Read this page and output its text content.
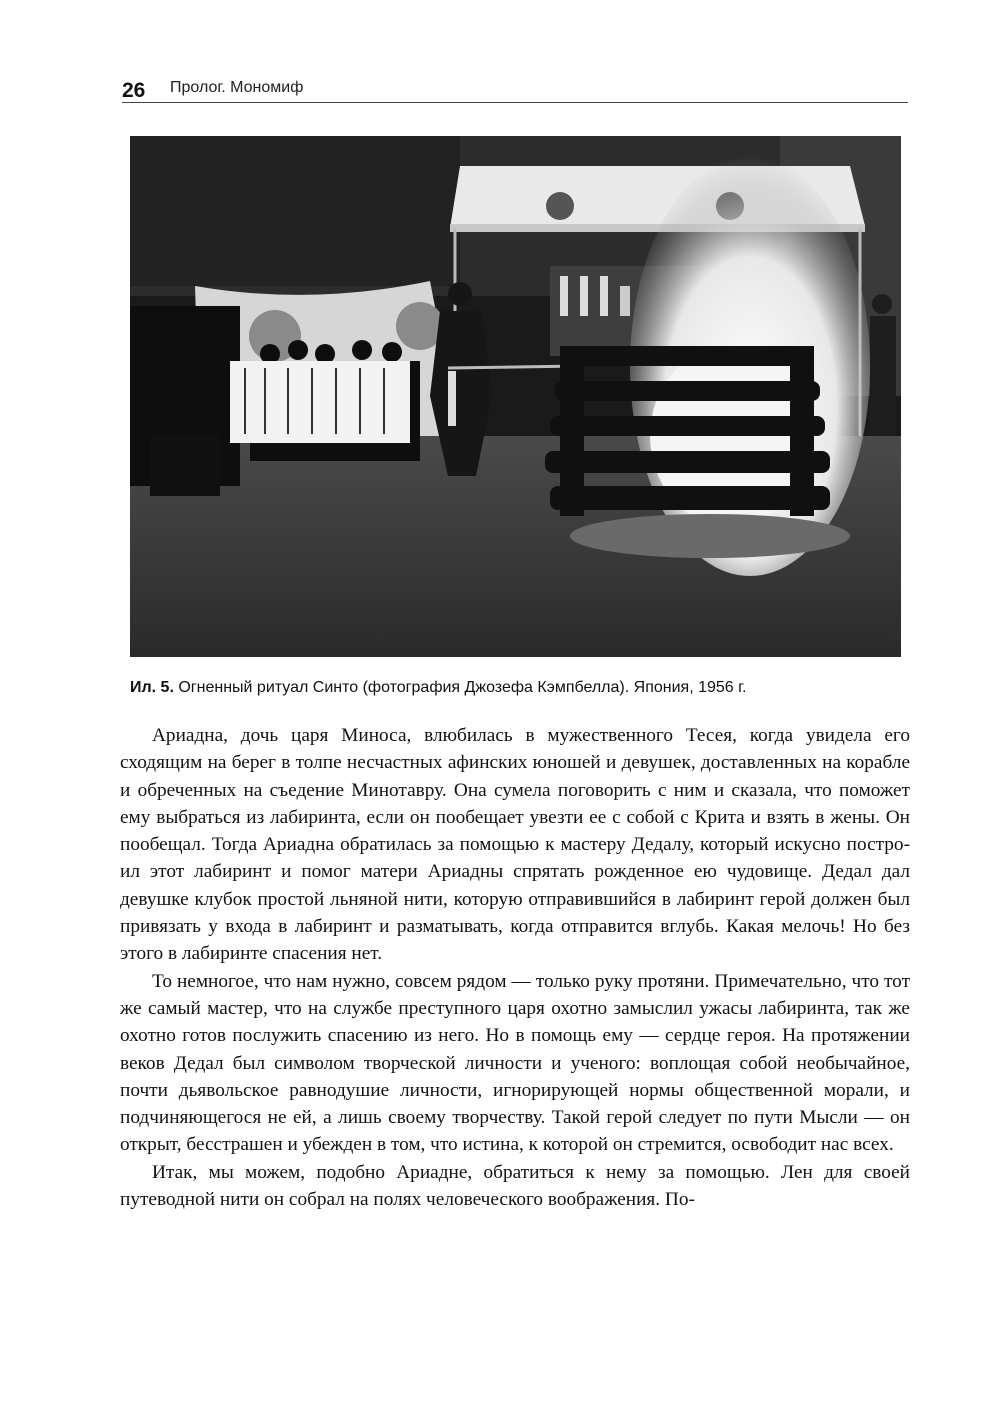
26 Пролог. Мономиф
Ил. 5. Огненный ритуал Синто (фотография Джозефа Кэмпбелла). Япония, 1956 г.

Ариадна, дочь царя Миноса, влюбилась в мужественного Тесея, когда увидела его сходящим на берег в толпе несчастных афинских юношей и девушек, доставленных на корабле и обреченных на съедение Минотавру. Она сумела поговорить с ним и сказала, что поможет ему выбраться из лабиринта, если он пообещает увезти ее с собой с Крита и взять в жены. Он пообещал. Тогда Ариадна обратилась за помощью к мастеру Дедалу, который искусно построил этот лабиринт и помог матери Ариадны спрятать рожденное ею чудовище. Дедал дал девушке клубок простой льняной нити, которую отправившийся в лабиринт герой должен был привязать у входа в лабиринт и разматывать, когда отправится вглубь. Какая мелочь! Но без этого в лабиринте спасения нет.

То немногое, что нам нужно, совсем рядом — только руку протяни. Примечательно, что тот же самый мастер, что на службе преступного царя охотно замыслил ужасы лабиринта, так же охотно готов послужить спасению из него. Но в помощь ему — сердце героя. На протяжении веков Дедал был символом творческой личности и ученого: воплощая собой необычайное, почти дьявольское равнодушие личности, игнорирующей нормы общественной морали, и подчиняющегося не ей, а лишь своему творчеству. Такой герой следует по пути Мысли — он открыт, бесстрашен и убежден в том, что истина, к которой он стремится, освободит нас всех.

Итак, мы можем, подобно Ариадне, обратиться к нему за помощью. Лен для своей путеводной нити он собрал на полях человеческого воображения. По-
